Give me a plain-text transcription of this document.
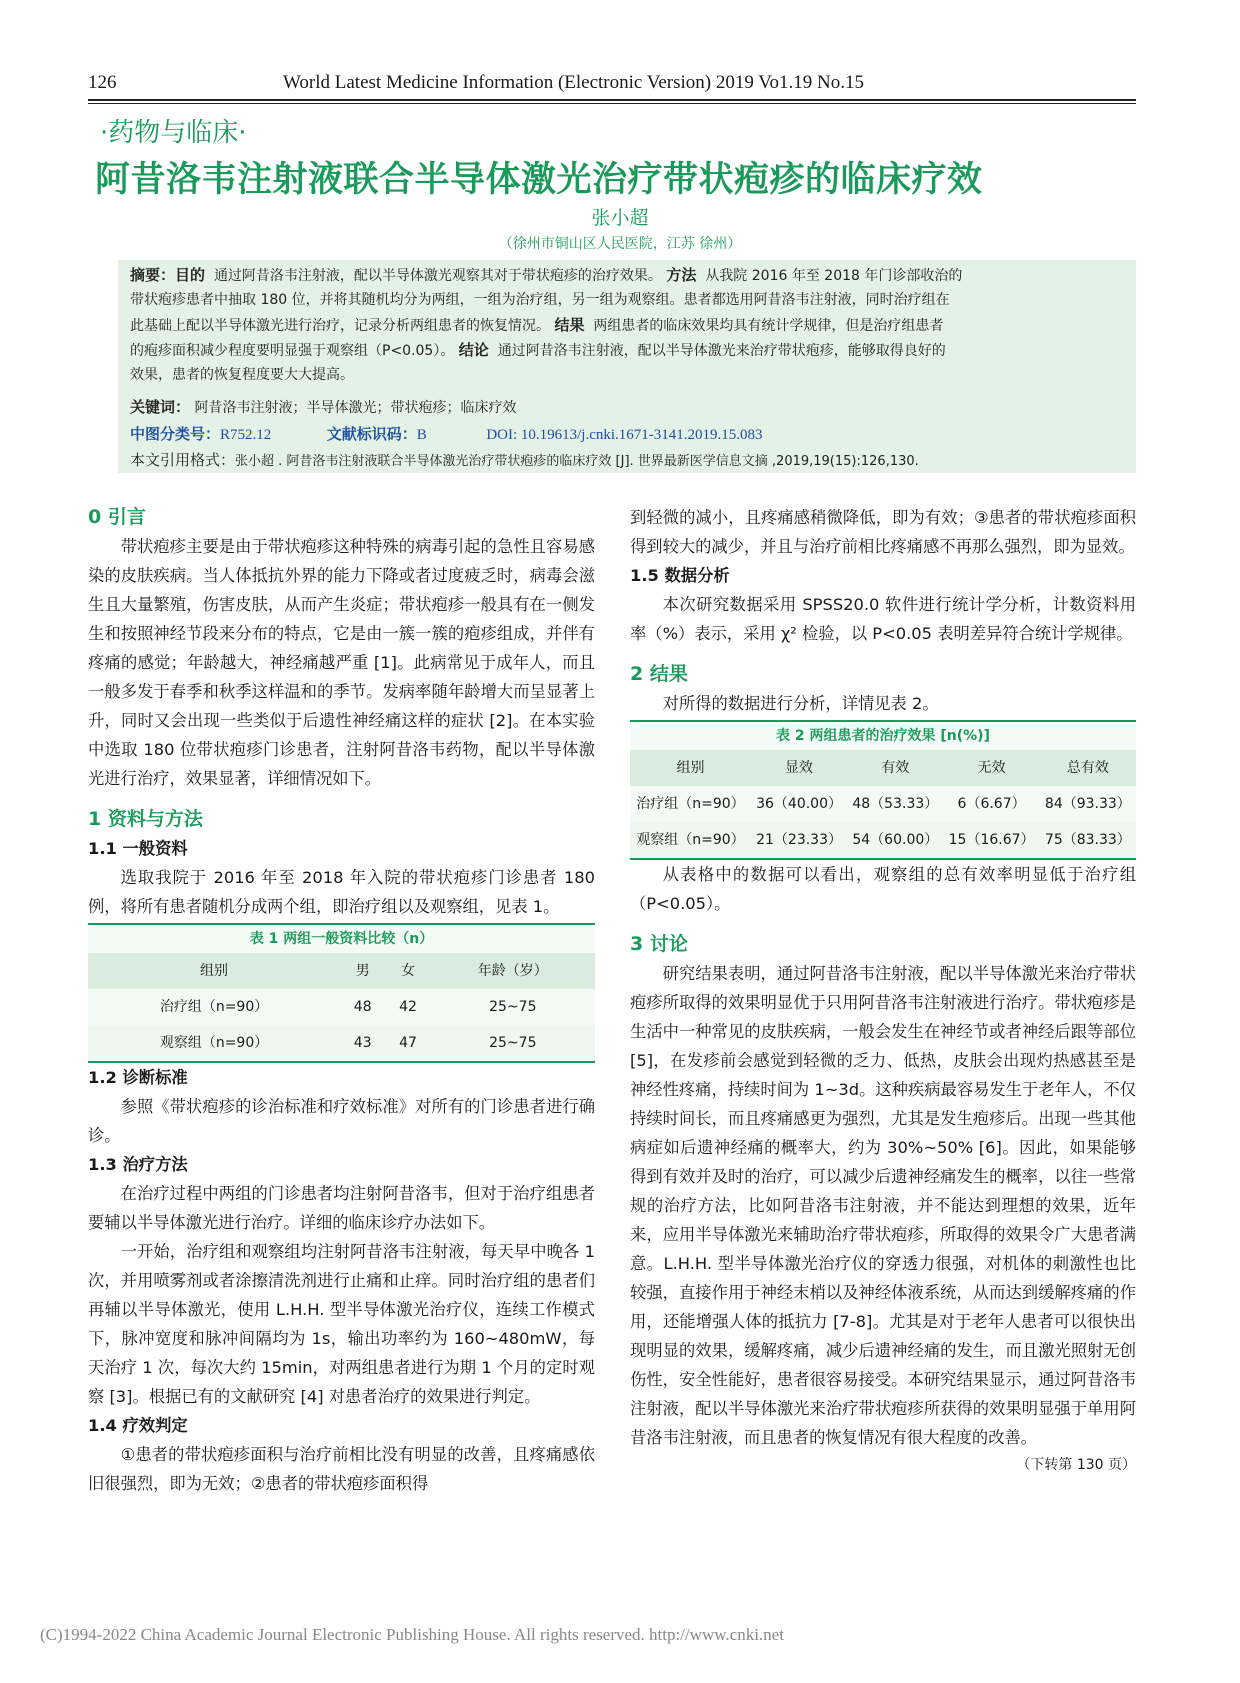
126	World Latest Medicine Information (Electronic Version) 2019 Vo1.19 No.15
·药物与临床·
阿昔洛韦注射液联合半导体激光治疗带状疱疹的临床疗效
张小超
（徐州市铜山区人民医院，江苏 徐州）
摘要：目的 通过阿昔洛韦注射液，配以半导体激光观察其对于带状疱疹的治疗效果。 方法 从我院 2016 年至 2018 年门诊部收治的
带状疱疹患者中抽取 180 位，并将其随机均分为两组，一组为治疗组，另一组为观察组。患者都选用阿昔洛韦注射液，同时治疗组在
此基础上配以半导体激光进行治疗，记录分析两组患者的恢复情况。 结果 两组患者的临床效果均具有统计学规律，但是治疗组患者
的疱疹面积减少程度要明显强于观察组（P<0.05）。 结论 通过阿昔洛韦注射液，配以半导体激光来治疗带状疱疹，能够取得良好的
效果，患者的恢复程度要大大提高。
关键词： 阿昔洛韦注射液；半导体激光；带状疱疹；临床疗效
中图分类号：R752.12	文献标识码：B	DOI: 10.19613/j.cnki.1671-3141.2019.15.083
本文引用格式：张小超 . 阿昔洛韦注射液联合半导体激光治疗带状疱疹的临床疗效 [J]. 世界最新医学信息文摘 ,2019,19(15):126,130.

0 引言

带状疱疹主要是由于带状疱疹这种特殊的病毒引起的急性且容易感染的皮肤疾病。当人体抵抗外界的能力下降或者过度疲乏时，病毒会滋生且大量繁殖，伤害皮肤，从而产生炎症；带状疱疹一般具有在一侧发生和按照神经节段来分布的特点，它是由一簇一簇的疱疹组成，并伴有疼痛的感觉；年龄越大，神经痛越严重 [1]。此病常见于成年人，而且一般多发于春季和秋季这样温和的季节。发病率随年龄增大而呈显著上升，同时又会出现一些类似于后遗性神经痛这样的症状 [2]。在本实验中选取 180 位带状疱疹门诊患者，注射阿昔洛韦药物，配以半导体激光进行治疗，效果显著，详细情况如下。

1 资料与方法

1.1 一般资料

选取我院于 2016 年至 2018 年入院的带状疱疹门诊患者 180 例，将所有患者随机分成两个组，即治疗组以及观察组，见表 1。

表 1 两组一般资料比较（n）
组别	男	女	年龄（岁）
治疗组（n=90）	48	42	25~75
观察组（n=90）	43	47	25~75

1.2 诊断标准

参照《带状疱疹的诊治标准和疗效标准》对所有的门诊患者进行确诊。

1.3 治疗方法

在治疗过程中两组的门诊患者均注射阿昔洛韦，但对于治疗组患者要辅以半导体激光进行治疗。详细的临床诊疗办法如下。

一开始，治疗组和观察组均注射阿昔洛韦注射液，每天早中晚各 1 次，并用喷雾剂或者涂擦清洗剂进行止痛和止痒。同时治疗组的患者们再辅以半导体激光，使用 L.H.H. 型半导体激光治疗仪，连续工作模式下，脉冲宽度和脉冲间隔均为 1s，输出功率约为 160~480mW，每天治疗 1 次，每次大约 15min，对两组患者进行为期 1 个月的定时观察 [3]。根据已有的文献研究 [4] 对患者治疗的效果进行判定。

1.4 疗效判定

①患者的带状疱疹面积与治疗前相比没有明显的改善，且疼痛感依旧很强烈，即为无效；②患者的带状疱疹面积得

到轻微的减小，且疼痛感稍微降低，即为有效；③患者的带状疱疹面积得到较大的减少，并且与治疗前相比疼痛感不再那么强烈，即为显效。

1.5 数据分析

本次研究数据采用 SPSS20.0 软件进行统计学分析，计数资料用率（%）表示，采用 χ² 检验，以 P<0.05 表明差异符合统计学规律。

2 结果

对所得的数据进行分析，详情见表 2。

表 2 两组患者的治疗效果 [n(%)]
组别	显效	有效	无效	总有效
治疗组（n=90）	36（40.00）	48（53.33）	6（6.67）	84（93.33）
观察组（n=90）	21（23.33）	54（60.00）	15（16.67）	75（83.33）

从表格中的数据可以看出，观察组的总有效率明显低于治疗组（P<0.05）。

3 讨论

研究结果表明，通过阿昔洛韦注射液，配以半导体激光来治疗带状疱疹所取得的效果明显优于只用阿昔洛韦注射液进行治疗。带状疱疹是生活中一种常见的皮肤疾病，一般会发生在神经节或者神经后跟等部位 [5]，在发疹前会感觉到轻微的乏力、低热，皮肤会出现灼热感甚至是神经性疼痛，持续时间为 1~3d。这种疾病最容易发生于老年人，不仅持续时间长，而且疼痛感更为强烈，尤其是发生疱疹后。出现一些其他病症如后遗神经痛的概率大，约为 30%~50% [6]。因此，如果能够得到有效并及时的治疗，可以减少后遗神经痛发生的概率，以往一些常规的治疗方法，比如阿昔洛韦注射液，并不能达到理想的效果，近年来，应用半导体激光来辅助治疗带状疱疹，所取得的效果令广大患者满意。L.H.H. 型半导体激光治疗仪的穿透力很强，对机体的刺激性也比较强，直接作用于神经末梢以及神经体液系统，从而达到缓解疼痛的作用，还能增强人体的抵抗力 [7-8]。尤其是对于老年人患者可以很快出现明显的效果，缓解疼痛，减少后遗神经痛的发生，而且激光照射无创伤性，安全性能好，患者很容易接受。本研究结果显示，通过阿昔洛韦注射液，配以半导体激光来治疗带状疱疹所获得的效果明显强于单用阿昔洛韦注射液，而且患者的恢复情况有很大程度的改善。

（下转第 130 页）

(C)1994-2022 China Academic Journal Electronic Publishing House. All rights reserved. http://www.cnki.net
